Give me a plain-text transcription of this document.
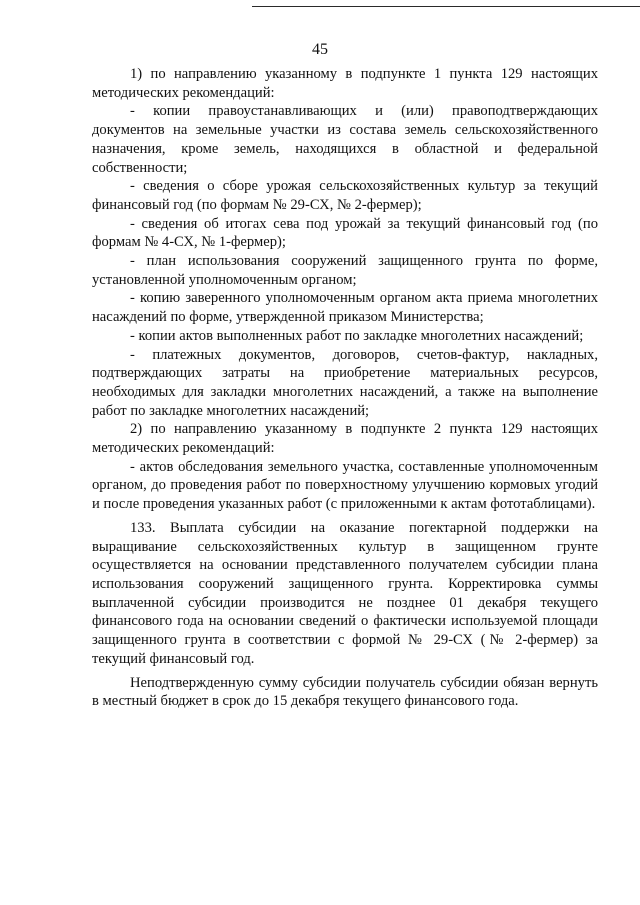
45

1) по направлению указанному в подпункте 1 пункта 129 настоящих методических рекомендаций:

- копии правоустанавливающих и (или) правоподтверждающих документов на земельные участки из состава земель сельскохозяйственного назначения, кроме земель, находящихся в областной и федеральной собственности;

- сведения о сборе урожая сельскохозяйственных культур за текущий финансовый год (по формам № 29-СХ, № 2-фермер);

- сведения об итогах сева под урожай за текущий финансовый год (по формам № 4-СХ, № 1-фермер);

- план использования сооружений защищенного грунта по форме, установленной уполномоченным органом;

- копию заверенного уполномоченным органом акта приема многолетних насаждений по форме, утвержденной приказом Министерства;

- копии актов выполненных работ по закладке многолетних насаждений;

- платежных документов, договоров, счетов-фактур, накладных, подтверждающих затраты на приобретение материальных ресурсов, необходимых для закладки многолетних насаждений, а также на выполнение работ по закладке многолетних насаждений;

2) по направлению указанному в подпункте 2 пункта 129 настоящих методических рекомендаций:

- актов обследования земельного участка, составленные уполномоченным органом, до проведения работ по поверхностному улучшению кормовых угодий и после проведения указанных работ (с приложенными к актам фототаблицами).

133. Выплата субсидии на оказание погектарной поддержки на выращивание сельскохозяйственных культур в защищенном грунте осуществляется на основании представленного получателем субсидии плана использования сооружений защищенного грунта. Корректировка суммы выплаченной субсидии производится не позднее 01 декабря текущего финансового года на основании сведений о фактически используемой площади защищенного грунта в соответствии с формой № 29-СХ (№ 2-фермер) за текущий финансовый год.

Неподтвержденную сумму субсидии получатель субсидии обязан вернуть в местный бюджет в срок до 15 декабря текущего финансового года.
